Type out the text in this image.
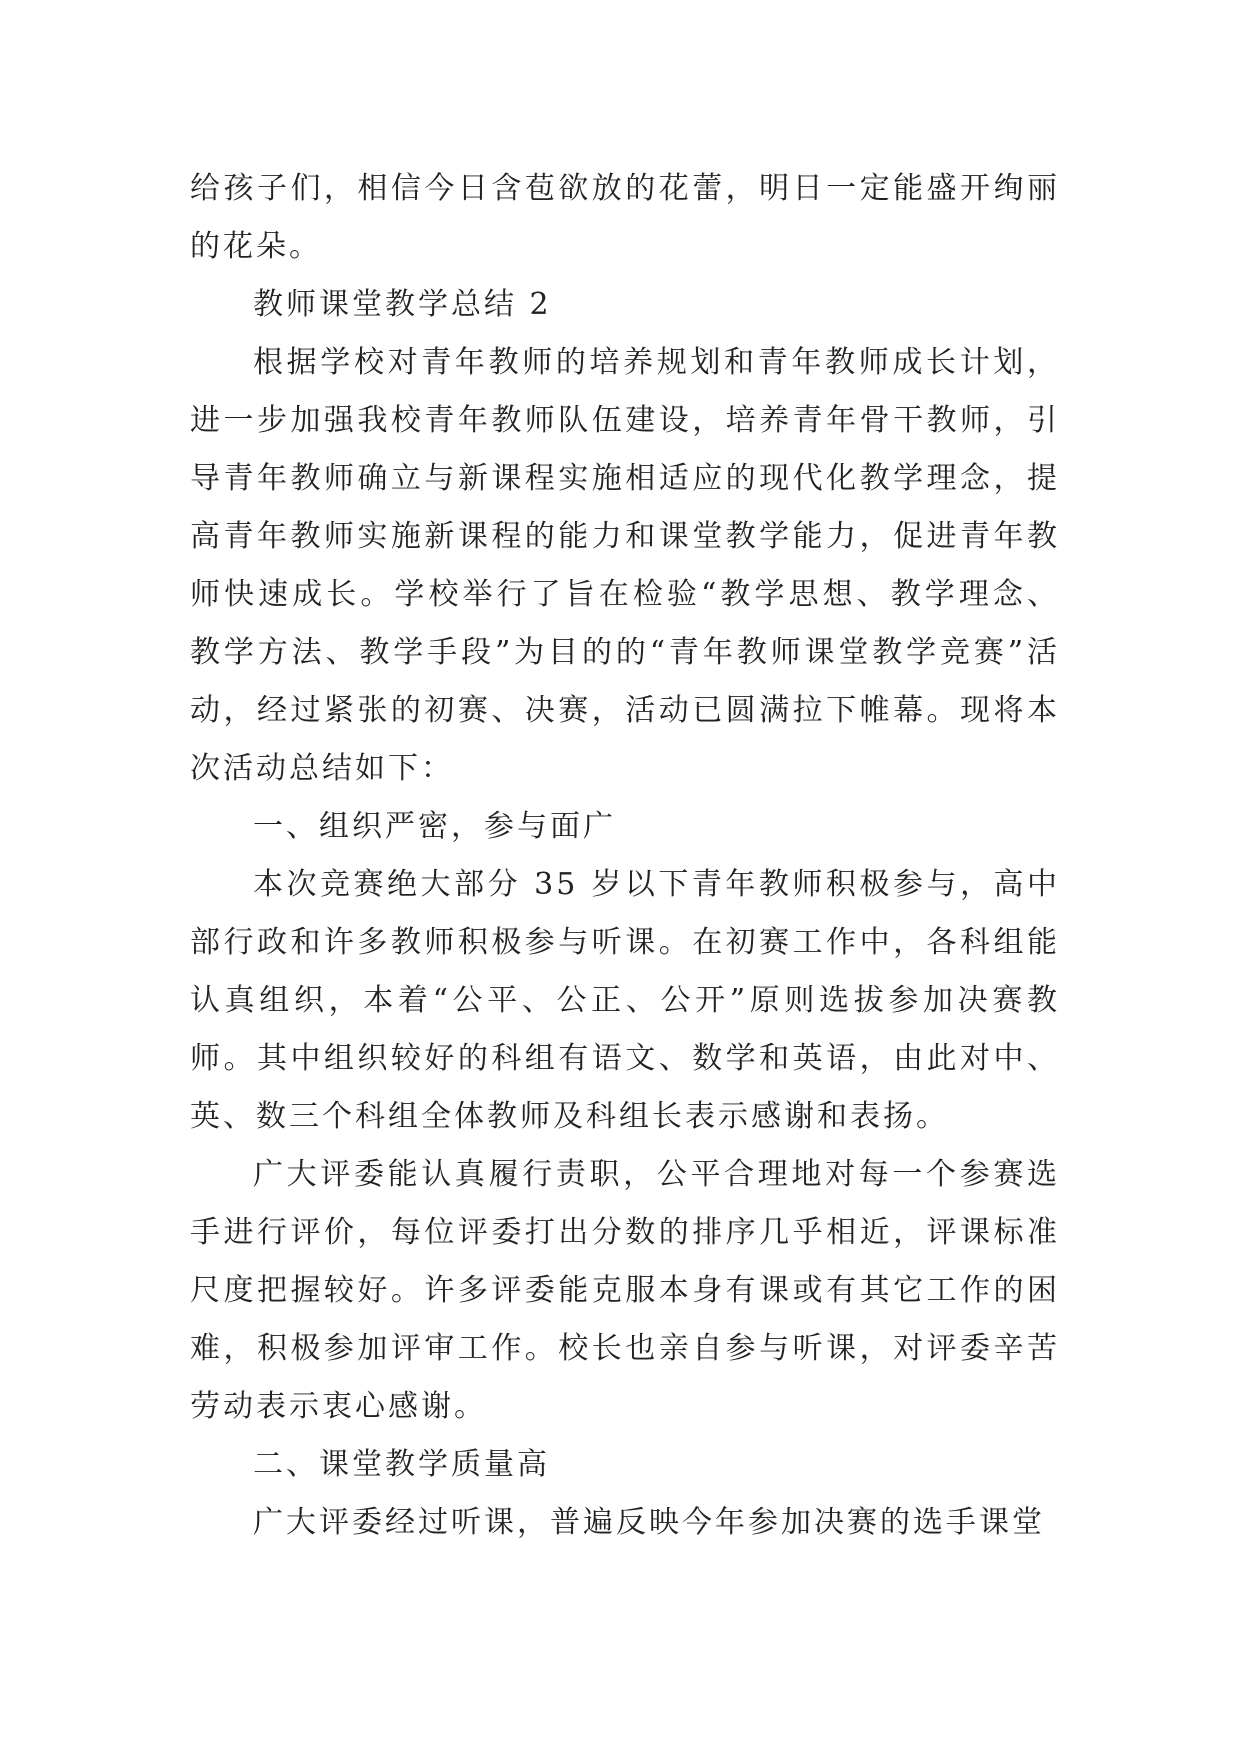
给孩子们，相信今日含苞欲放的花蕾，明日一定能盛开绚丽的花朵。

教师课堂教学总结 2

根据学校对青年教师的培养规划和青年教师成长计划，进一步加强我校青年教师队伍建设，培养青年骨干教师，引导青年教师确立与新课程实施相适应的现代化教学理念，提高青年教师实施新课程的能力和课堂教学能力，促进青年教师快速成长。学校举行了旨在检验“教学思想、教学理念、教学方法、教学手段”为目的的“青年教师课堂教学竞赛”活动，经过紧张的初赛、决赛，活动已圆满拉下帷幕。现将本次活动总结如下：

一、组织严密，参与面广

本次竞赛绝大部分 35 岁以下青年教师积极参与，高中部行政和许多教师积极参与听课。在初赛工作中，各科组能认真组织，本着“公平、公正、公开”原则选拔参加决赛教师。其中组织较好的科组有语文、数学和英语，由此对中、英、数三个科组全体教师及科组长表示感谢和表扬。

广大评委能认真履行责职，公平合理地对每一个参赛选手进行评价，每位评委打出分数的排序几乎相近，评课标准尺度把握较好。许多评委能克服本身有课或有其它工作的困难，积极参加评审工作。校长也亲自参与听课，对评委辛苦劳动表示衷心感谢。

二、课堂教学质量高

广大评委经过听课，普遍反映今年参加决赛的选手课堂
